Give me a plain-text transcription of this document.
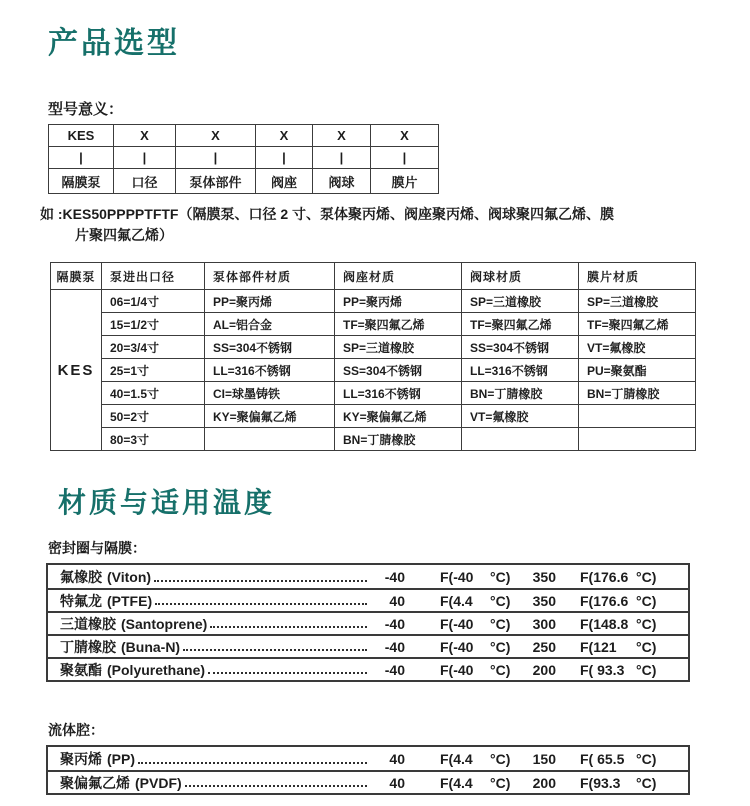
产品选型
型号意义：
KES	X	X	X	X	X
|	|	|	|	|	|
隔膜泵	口径	泵体部件	阀座	阀球	膜片
如 :KES50PPPPTFTF（隔膜泵、口径 2 寸、泵体聚丙烯、阀座聚丙烯、阀球聚四氟乙烯、膜
片聚四氟乙烯）
隔膜泵	泵进出口径	泵体部件材质	阀座材质	阀球材质	膜片材质
KES	06=1/4寸	PP=聚丙烯	PP=聚丙烯	SP=三道橡胶	SP=三道橡胶
	15=1/2寸	AL=铝合金	TF=聚四氟乙烯	TF=聚四氟乙烯	TF=聚四氟乙烯
	20=3/4寸	SS=304不锈钢	SP=三道橡胶	SS=304不锈钢	VT=氟橡胶
	25=1寸	LL=316不锈钢	SS=304不锈钢	LL=316不锈钢	PU=聚氨酯
	40=1.5寸	CI=球墨铸铁	LL=316不锈钢	BN=丁腈橡胶	BN=丁腈橡胶
	50=2寸	KY=聚偏氟乙烯	KY=聚偏氟乙烯	VT=氟橡胶	
	80=3寸		BN=丁腈橡胶		
材质与适用温度
密封圈与隔膜：
氟橡胶 (Viton)	-40	F(-40	°C)	350 F(176.6 °C)
特氟龙 (PTFE)	40	F(4.4	°C)	350 F(176.6 °C)
三道橡胶 (Santoprene)	-40	F(-40	°C)	300 F(148.8 °C)
丁腈橡胶 (Buna-N)	-40	F(-40	°C)	250 F(121	°C)
聚氨酯 (Polyurethane)	-40	F(-40	°C)	200 F( 93.3 °C)
流体腔：
聚丙烯 (PP)	40	F(4.4	°C)	150 F( 65.5 °C)
聚偏氟乙烯 (PVDF)	40	F(4.4	°C)	200 F(93.3	°C)
